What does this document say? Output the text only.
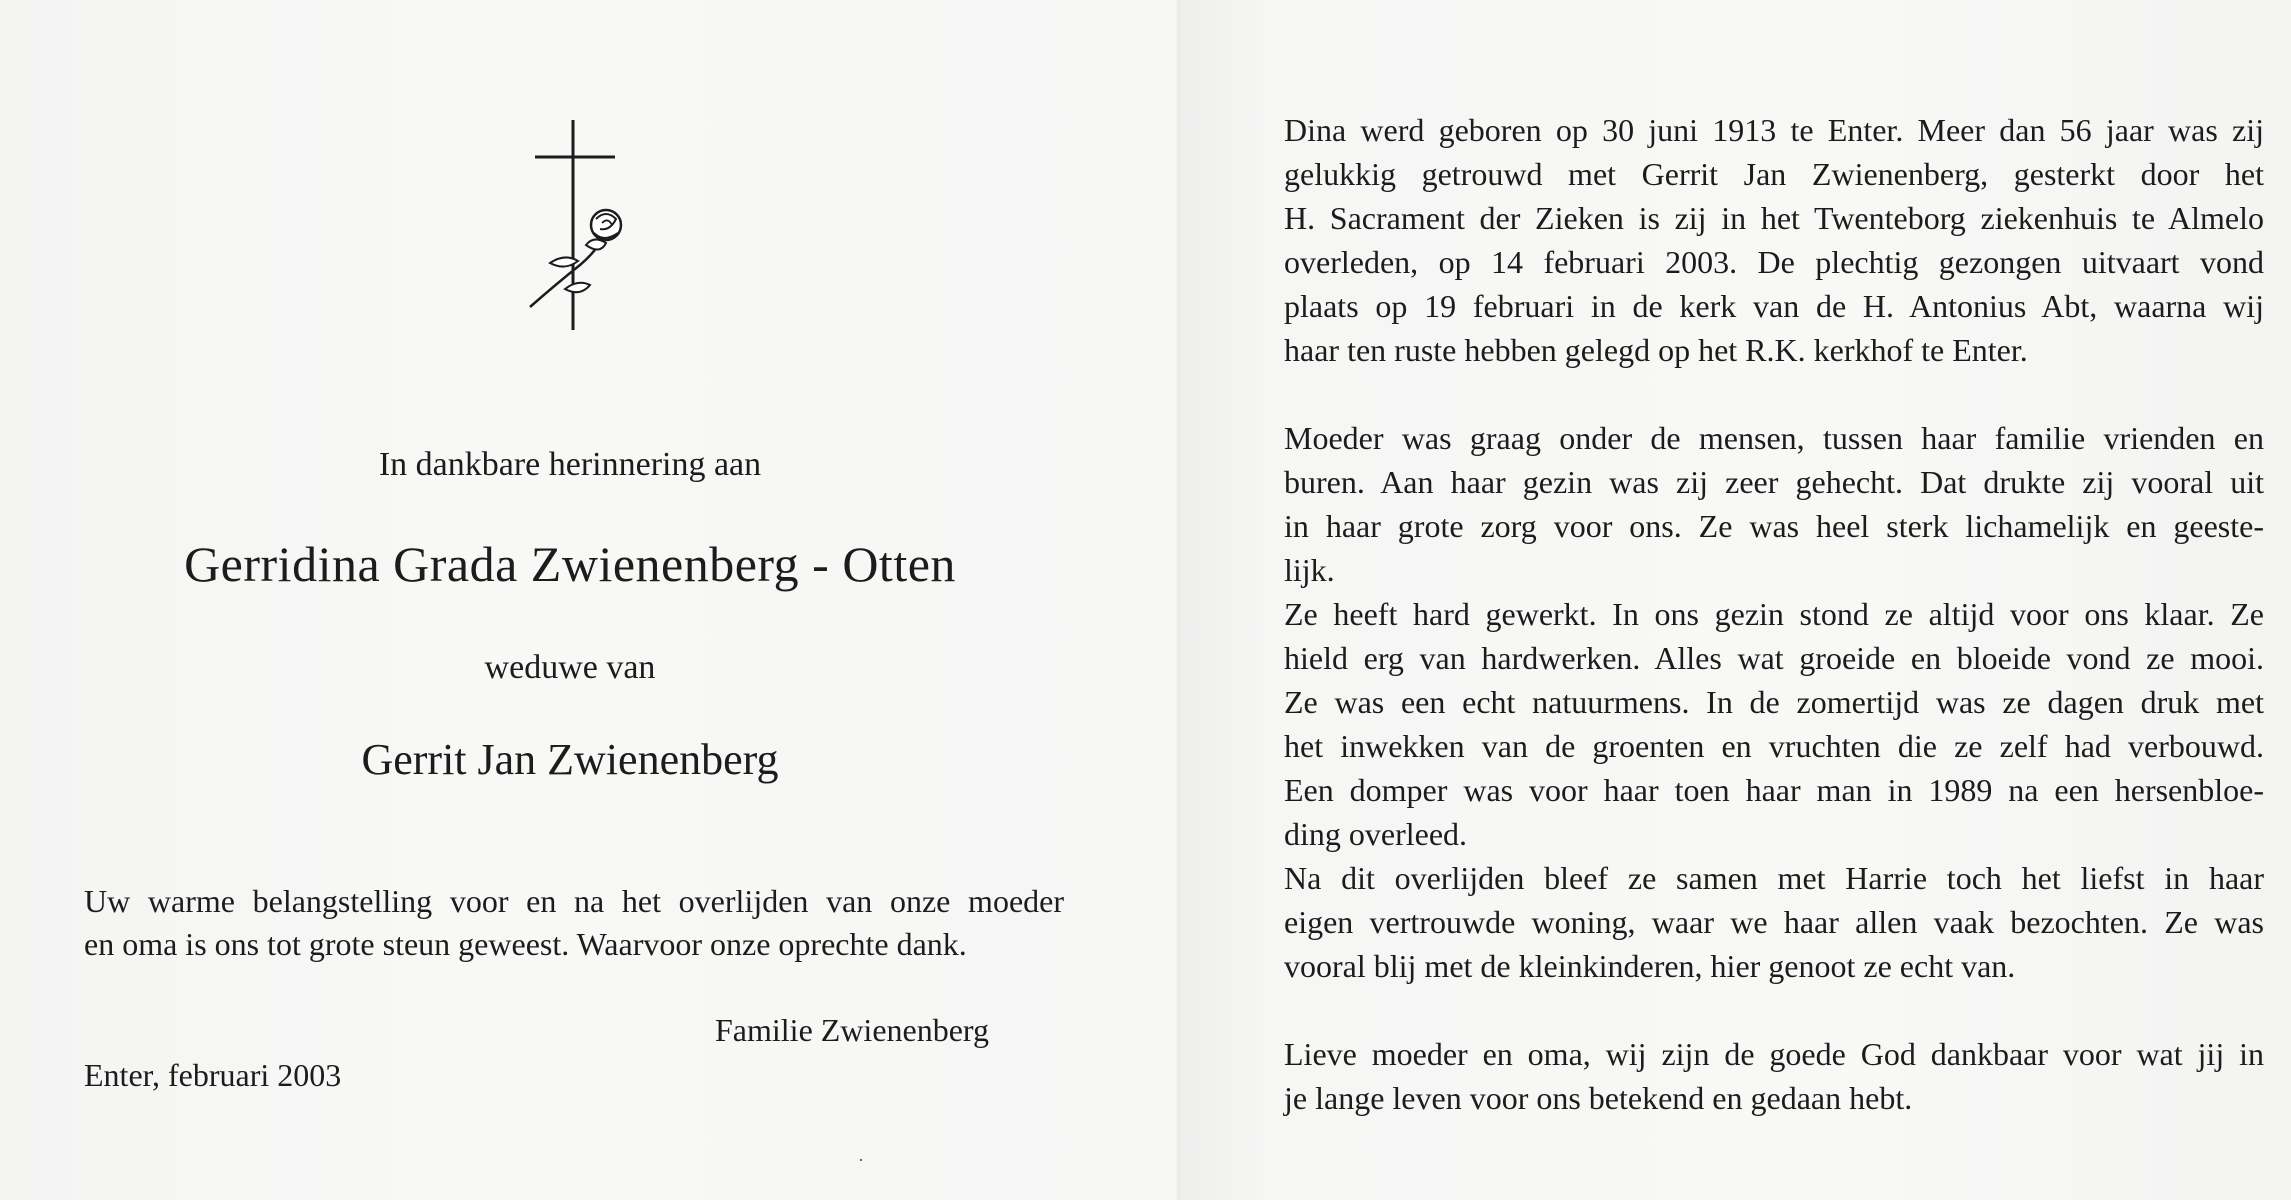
In dankbare herinnering aan
Gerridina Grada Zwienenberg - Otten
weduwe van
Gerrit Jan Zwienenberg
Uw warme belangstelling voor en na het overlijden van onze moeder
en oma is ons tot grote steun geweest. Waarvoor onze oprechte dank.
Familie Zwienenberg
Enter, februari 2003
·
Dina werd geboren op 30 juni 1913 te Enter. Meer dan 56 jaar was zij
gelukkig getrouwd met Gerrit Jan Zwienenberg, gesterkt door het
H. Sacrament der Zieken is zij in het Twenteborg ziekenhuis te Almelo
overleden, op 14 februari 2003. De plechtig gezongen uitvaart vond
plaats op 19 februari in de kerk van de H. Antonius Abt, waarna wij
haar ten ruste hebben gelegd op het R.K. kerkhof te Enter.
Moeder was graag onder de mensen, tussen haar familie vrienden en
buren. Aan haar gezin was zij zeer gehecht. Dat drukte zij vooral uit
in haar grote zorg voor ons. Ze was heel sterk lichamelijk en geeste-
lijk.
Ze heeft hard gewerkt. In ons gezin stond ze altijd voor ons klaar. Ze
hield erg van hardwerken. Alles wat groeide en bloeide vond ze mooi.
Ze was een echt natuurmens. In de zomertijd was ze dagen druk met
het inwekken van de groenten en vruchten die ze zelf had verbouwd.
Een domper was voor haar toen haar man in 1989 na een hersenbloe-
ding overleed.
Na dit overlijden bleef ze samen met Harrie toch het liefst in haar
eigen vertrouwde woning, waar we haar allen vaak bezochten. Ze was
vooral blij met de kleinkinderen, hier genoot ze echt van.
Lieve moeder en oma, wij zijn de goede God dankbaar voor wat jij in
je lange leven voor ons betekend en gedaan hebt.
